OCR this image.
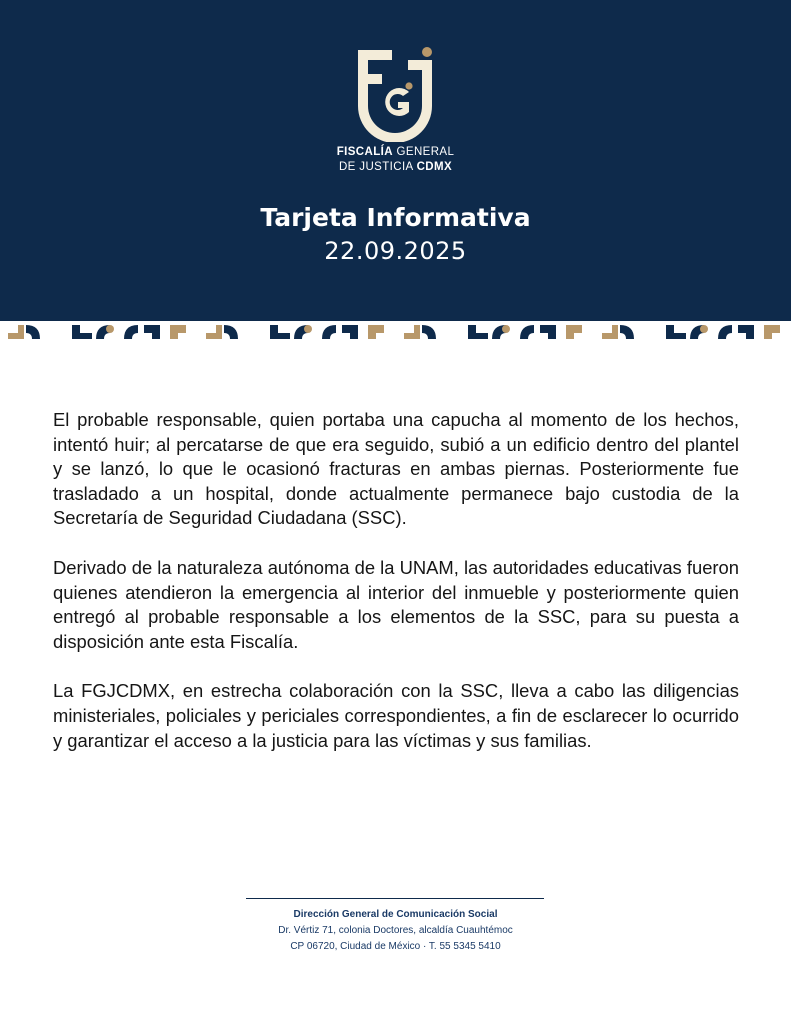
FISCALÍA GENERAL
DE JUSTICIA CDMX
Tarjeta Informativa
22.09.2025

El probable responsable, quien portaba una capucha al momento de los hechos, intentó huir; al percatarse de que era seguido, subió a un edificio dentro del plantel y se lanzó, lo que le ocasionó fracturas en ambas piernas. Posteriormente fue trasladado a un hospital, donde actualmente permanece bajo custodia de la Secretaría de Seguridad Ciudadana (SSC).

Derivado de la naturaleza autónoma de la UNAM, las autoridades educativas fueron quienes atendieron la emergencia al interior del inmueble y posteriormente quien entregó al probable responsable a los elementos de la SSC, para su puesta a disposición ante esta Fiscalía.

La FGJCDMX, en estrecha colaboración con la SSC, lleva a cabo las diligencias ministeriales, policiales y periciales correspondientes, a fin de esclarecer lo ocurrido y garantizar el acceso a la justicia para las víctimas y sus familias.

Dirección General de Comunicación Social
Dr. Vértiz 71, colonia Doctores, alcaldía Cuauhtémoc
CP 06720, Ciudad de México · T. 55 5345 5410
